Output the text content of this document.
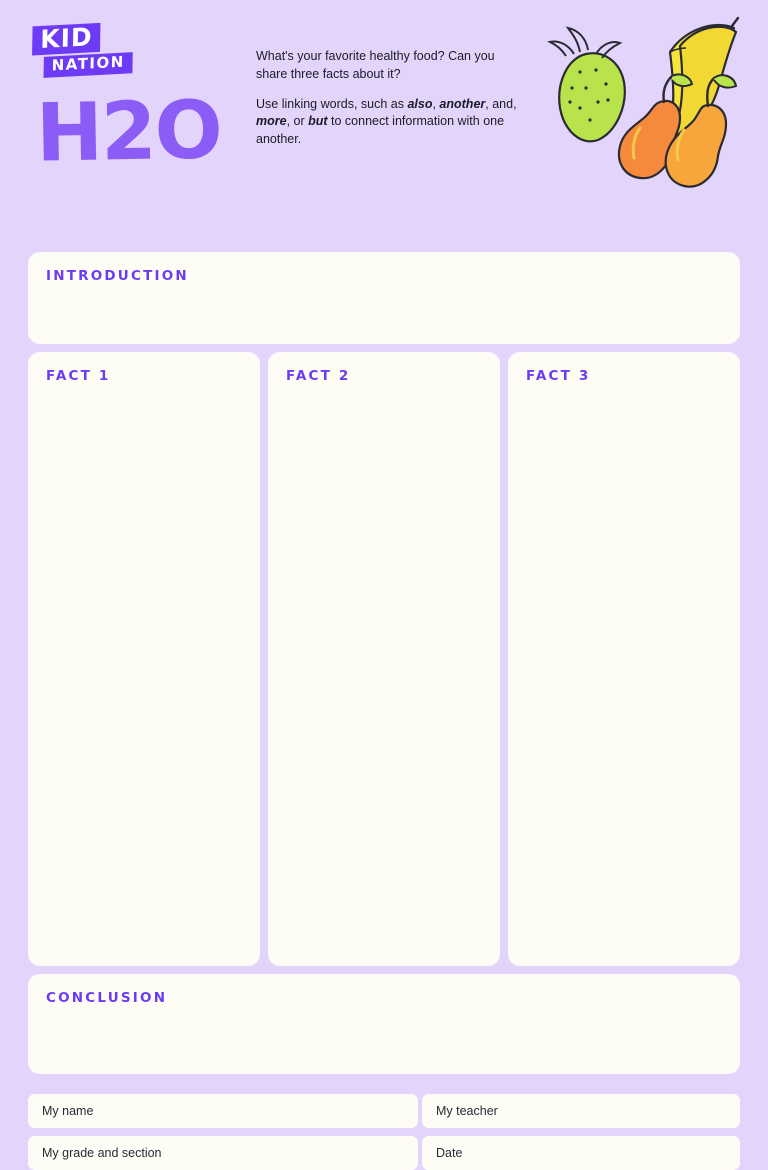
KID
NATION
H2O

What's your favorite healthy food? Can you share three facts about it?

Use linking words, such as also, another, and, more, or but to connect information with one another.

INTRODUCTION
FACT 1	FACT 2	FACT 3
CONCLUSION
My name	My teacher
My grade and section	Date
